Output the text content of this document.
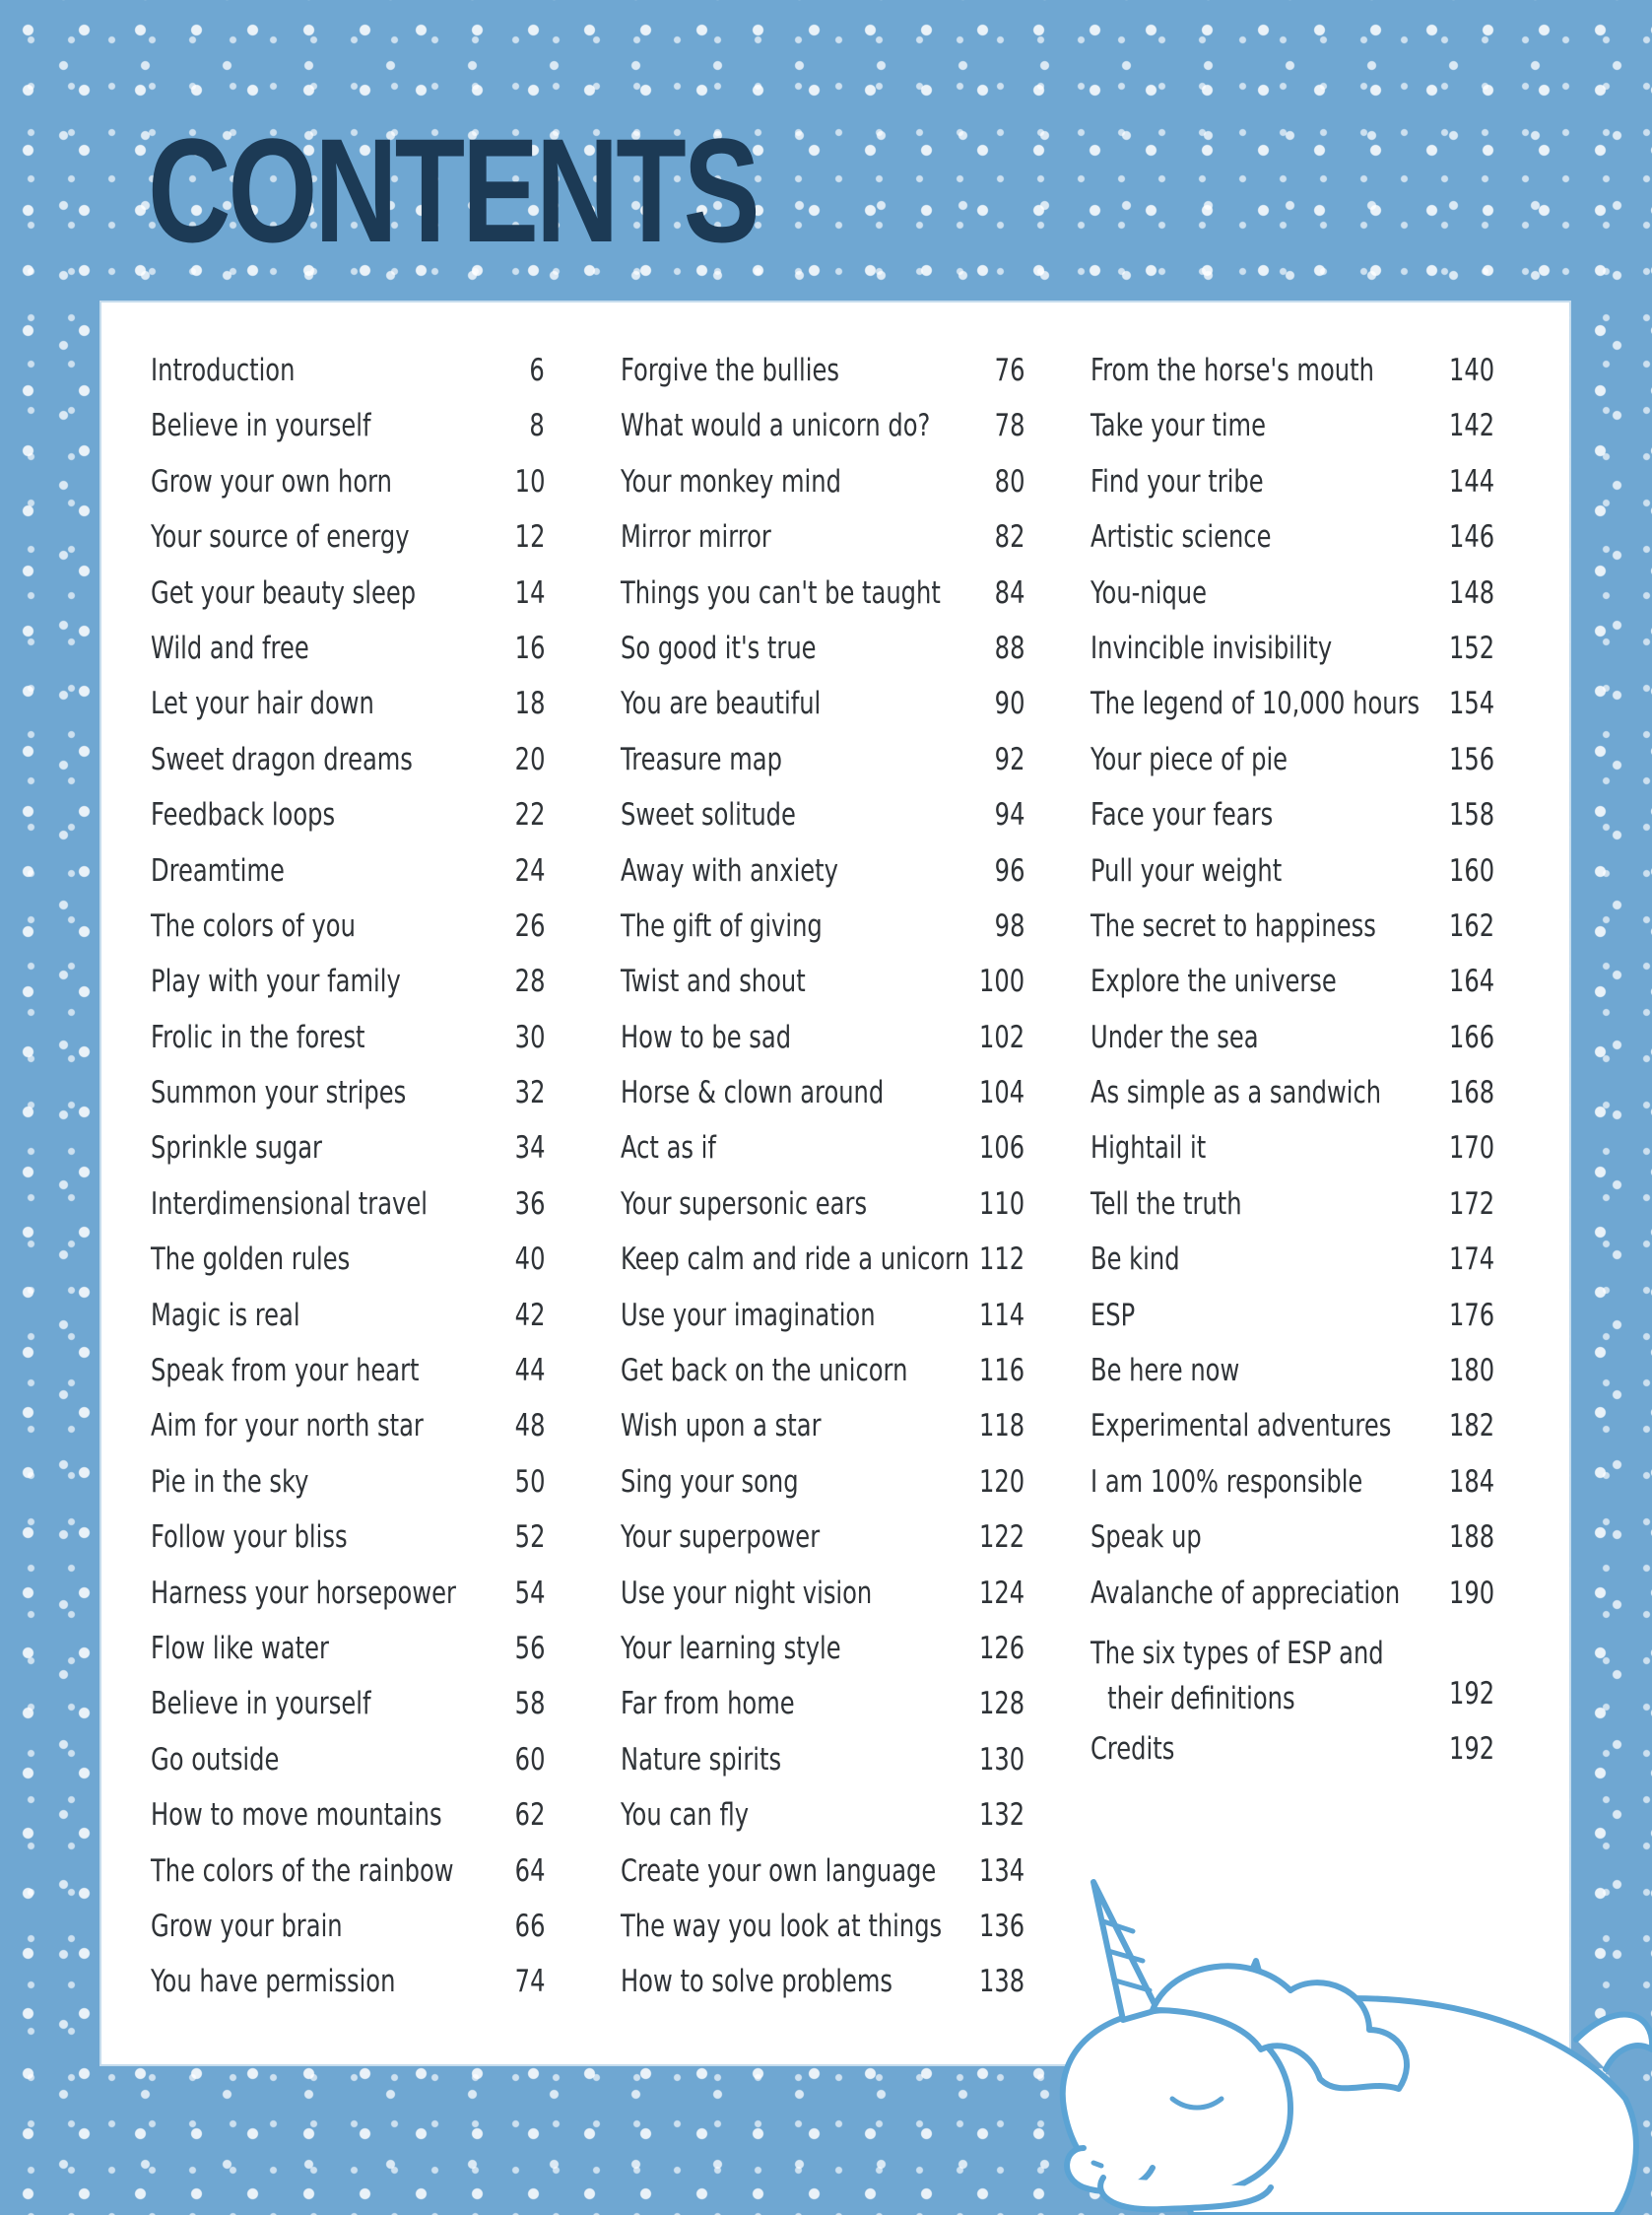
CONTENTS
Introduction	6
Believe in yourself	8
Grow your own horn	10
Your source of energy	12
Get your beauty sleep	14
Wild and free	16
Let your hair down	18
Sweet dragon dreams	20
Feedback loops	22
Dreamtime	24
The colors of you	26
Play with your family	28
Frolic in the forest	30
Summon your stripes	32
Sprinkle sugar	34
Interdimensional travel	36
The golden rules	40
Magic is real	42
Speak from your heart	44
Aim for your north star	48
Pie in the sky	50
Follow your bliss	52
Harness your horsepower 54
Flow like water	56
Believe in yourself	58
Go outside	60
How to move mountains 62
The colors of the rainbow 64
Grow your brain	66
You have permission	74
Forgive the bullies	76
What would a unicorn do? 78
Your monkey mind	80
Mirror mirror	82
Things you can't be taught 84
So good it's true	88
You are beautiful	90
Treasure map	92
Sweet solitude	94
Away with anxiety	96
The gift of giving	98
Twist and shout	100
How to be sad	102
Horse & clown around	104
Act as if	106
Your supersonic ears	110
Keep calm and ride a unicorn 112
Use your imagination	114
Get back on the unicorn 116
Wish upon a star	118
Sing your song	120
Your superpower	122
Use your night vision	124
Your learning style	126
Far from home	128
Nature spirits	130
You can fly	132
Create your own language 134
The way you look at things 136
How to solve problems	138
From the horse's mouth 140
Take your time	142
Find your tribe	144
Artistic science	146
You-nique	148
Invincible invisibility	152
The legend of 10,000 hours 154
Your piece of pie	156
Face your fears	158
Pull your weight	160
The secret to happiness 162
Explore the universe	164
Under the sea	166
As simple as a sandwich 168
Hightail it	170
Tell the truth	172
Be kind	174
ESP	176
Be here now	180
Experimental adventures 182
I am 100% responsible	184
Speak up	188
Avalanche of appreciation 190
The six types of ESP and
their definitions	192
Credits	192
